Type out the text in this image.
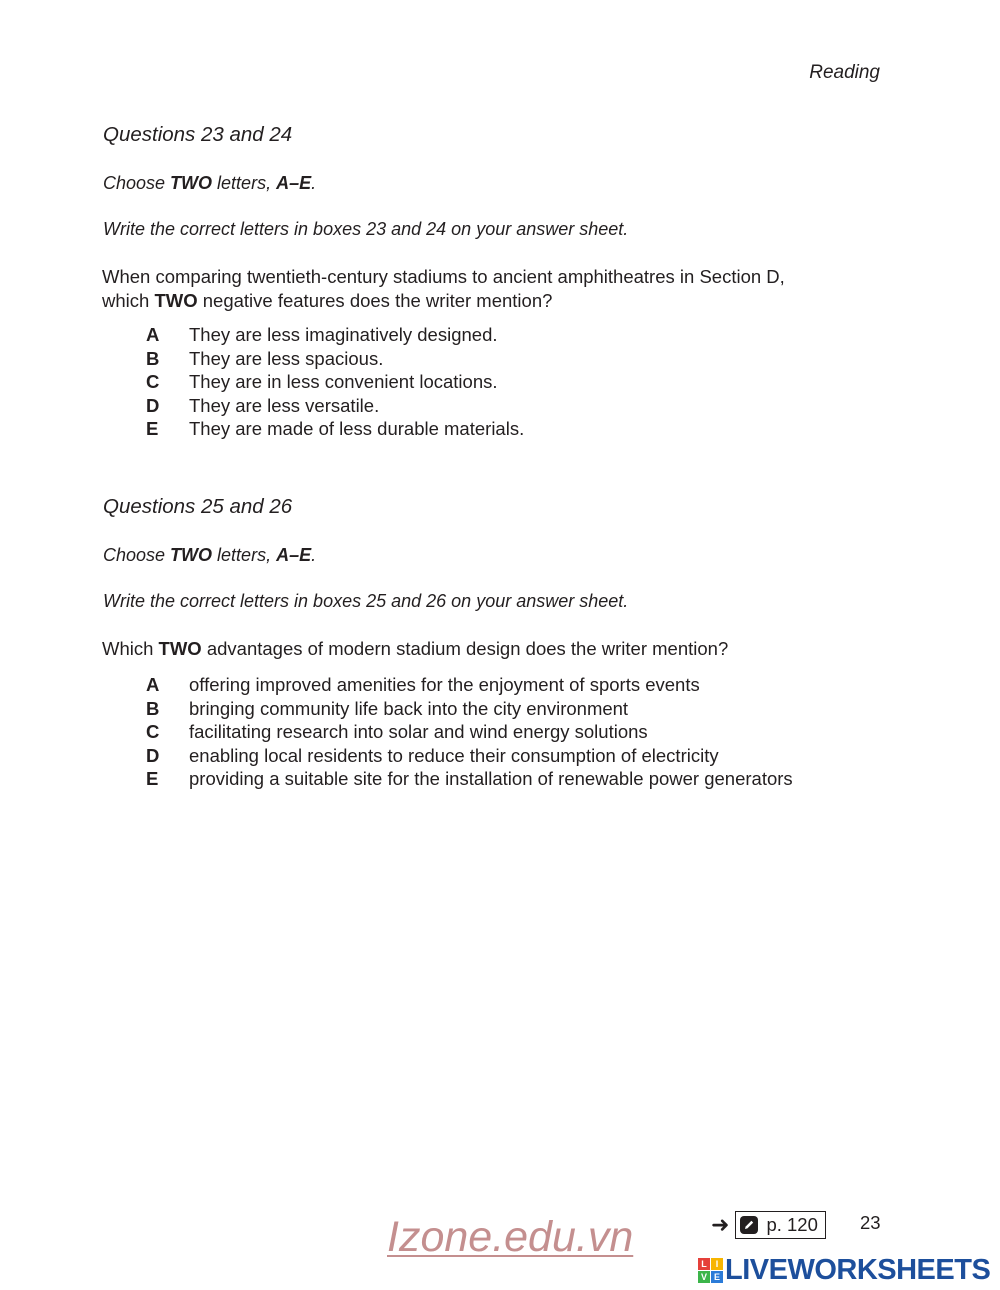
Reading
Questions 23 and 24
Choose TWO letters, A–E.
Write the correct letters in boxes 23 and 24 on your answer sheet.
When comparing twentieth-century stadiums to ancient amphitheatres in Section D,
which TWO negative features does the writer mention?
A	They are less imaginatively designed.
B	They are less spacious.
C	They are in less convenient locations.
D	They are less versatile.
E	They are made of less durable materials.
Questions 25 and 26
Choose TWO letters, A–E.
Write the correct letters in boxes 25 and 26 on your answer sheet.
Which TWO advantages of modern stadium design does the writer mention?
A	offering improved amenities for the enjoyment of sports events
B	bringing community life back into the city environment
C	facilitating research into solar and wind energy solutions
D	enabling local residents to reduce their consumption of electricity
E	providing a suitable site for the installation of renewable power generators
Izone.edu.vn	➜ p. 120 23
L I
V E LIVEWORKSHEETS
